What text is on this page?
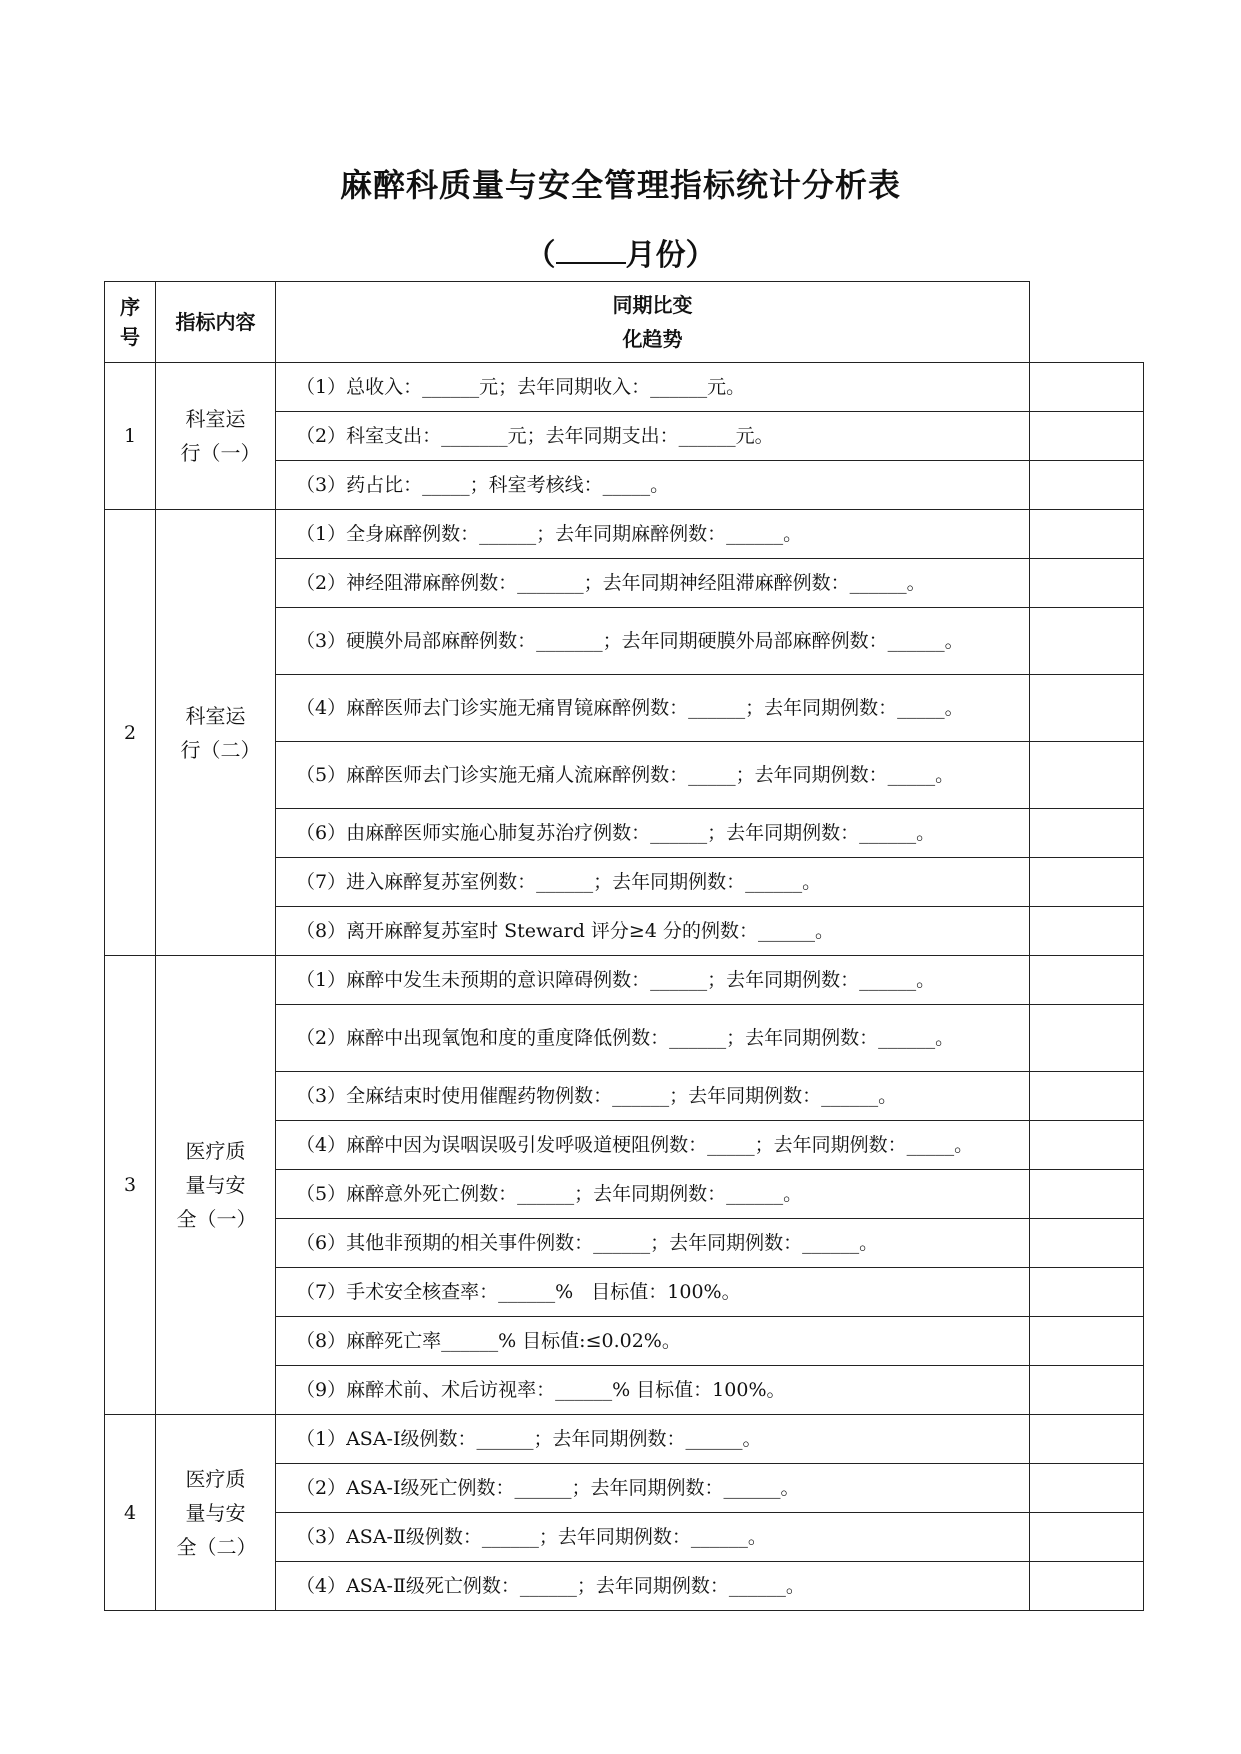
麻醉科质量与安全管理指标统计分析表
（ 月份）
序号	指标内容	同期比变化趋势	

1	科室运行（一）	（1）总收入：______元；去年同期收入：______元。	
		（2）科室支出：_______元；去年同期支出：______元。	
		（3）药占比：_____；科室考核线：_____。	
2	科室运行（二）	（1）全身麻醉例数：______；去年同期麻醉例数：______。	
		（2）神经阻滞麻醉例数：_______；去年同期神经阻滞麻醉例数：______。	
		（3）硬膜外局部麻醉例数：_______；去年同期硬膜外局部麻醉例数：______。	
		（4）麻醉医师去门诊实施无痛胃镜麻醉例数：______；去年同期例数：_____。	
		（5）麻醉医师去门诊实施无痛人流麻醉例数：_____；去年同期例数：_____。	
		（6）由麻醉医师实施心肺复苏治疗例数：______；去年同期例数：______。	
		（7）进入麻醉复苏室例数：______；去年同期例数：______。	
		（8）离开麻醉复苏室时 Steward 评分≥4 分的例数：______。	
3	医疗质量与安全（一）	（1）麻醉中发生未预期的意识障碍例数：______；去年同期例数：______。	
		（2）麻醉中出现氧饱和度的重度降低例数：______；去年同期例数：______。	
		（3）全麻结束时使用催醒药物例数：______；去年同期例数：______。	
		（4）麻醉中因为误咽误吸引发呼吸道梗阻例数：_____；去年同期例数：_____。	
		（5）麻醉意外死亡例数：______；去年同期例数：______。	
		（6）其他非预期的相关事件例数：______；去年同期例数：______。	
		（7）手术安全核查率：______%   目标值：100%。	
		（8）麻醉死亡率______% 目标值:≤0.02%。	
		（9）麻醉术前、术后访视率：______% 目标值：100%。	
4	医疗质量与安全（二）	（1）ASA-Ⅰ级例数：______；去年同期例数：______。	
		（2）ASA-Ⅰ级死亡例数：______；去年同期例数：______。	
		（3）ASA-Ⅱ级例数：______；去年同期例数：______。	
		（4）ASA-Ⅱ级死亡例数：______；去年同期例数：______。	
